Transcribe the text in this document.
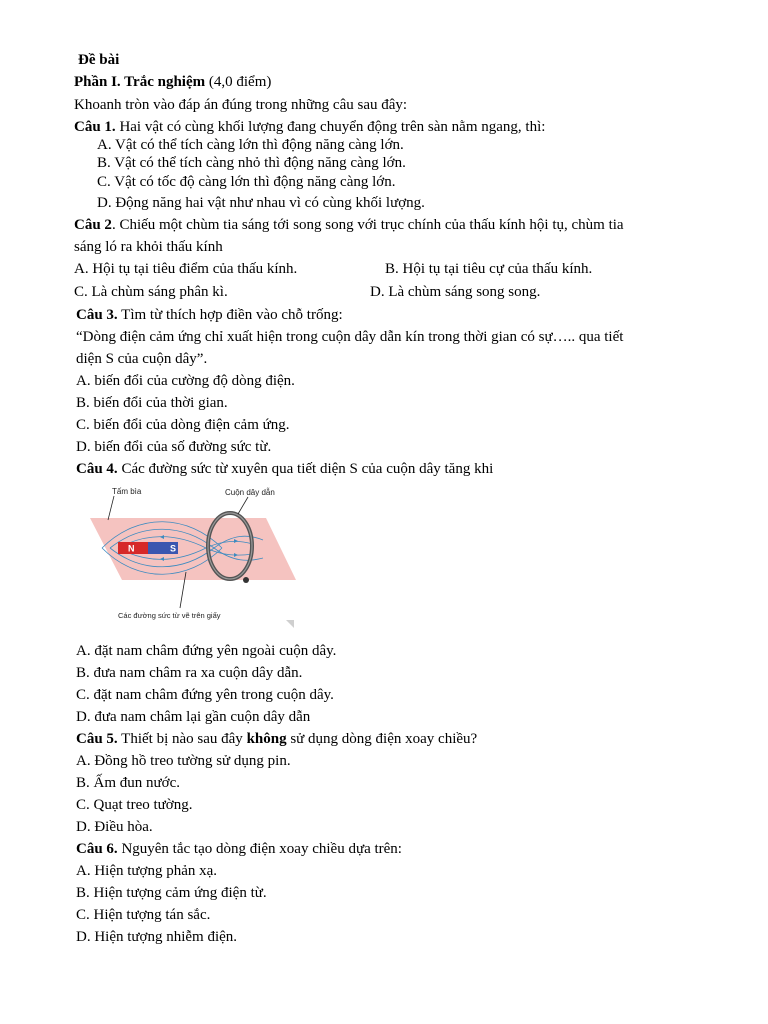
Đề bài
Phần I. Trắc nghiệm (4,0 điểm)
Khoanh tròn vào đáp án đúng trong những câu sau đây:
Câu 1. Hai vật có cùng khối lượng đang chuyển động trên sàn nằm ngang, thì:
A. Vật có thể tích càng lớn thì động năng càng lớn.
B. Vật có thể tích càng nhỏ thì động năng càng lớn.
C. Vật có tốc độ càng lớn thì động năng càng lớn.
D. Động năng hai vật như nhau vì có cùng khối lượng.
Câu 2. Chiếu một chùm tia sáng tới song song với trục chính của thấu kính hội tụ, chùm tia
sáng ló ra khỏi thấu kính
A. Hội tụ tại tiêu điểm của thấu kính.	B. Hội tụ tại tiêu cự của thấu kính.
C. Là chùm sáng phân kì.	D. Là chùm sáng song song.
Câu 3. Tìm từ thích hợp điền vào chỗ trống:
“Dòng điện cảm ứng chỉ xuất hiện trong cuộn dây dẫn kín trong thời gian có sự….. qua tiết
diện S của cuộn dây”.
A. biến đổi của cường độ dòng điện.
B. biến đổi của thời gian.
C. biến đổi của dòng điện cảm ứng.
D. biến đổi của số đường sức từ.
Câu 4. Các đường sức từ xuyên qua tiết diện S của cuộn dây tăng khi
N	S
Tấm bìa	Cuộn dây dẫn
Các đường sức từ vẽ trên giấy
A. đặt nam châm đứng yên ngoài cuộn dây.
B. đưa nam châm ra xa cuộn dây dẫn.
C. đặt nam châm đứng yên trong cuộn dây.
D. đưa nam châm lại gần cuộn dây dẫn
Câu 5. Thiết bị nào sau đây không sử dụng dòng điện xoay chiều?
A. Đồng hồ treo tường sử dụng pin.
B. Ấm đun nước.
C. Quạt treo tường.
D. Điều hòa.
Câu 6. Nguyên tắc tạo dòng điện xoay chiều dựa trên:
A. Hiện tượng phản xạ.
B. Hiện tượng cảm ứng điện từ.
C. Hiện tượng tán sắc.
D. Hiện tượng nhiễm điện.
